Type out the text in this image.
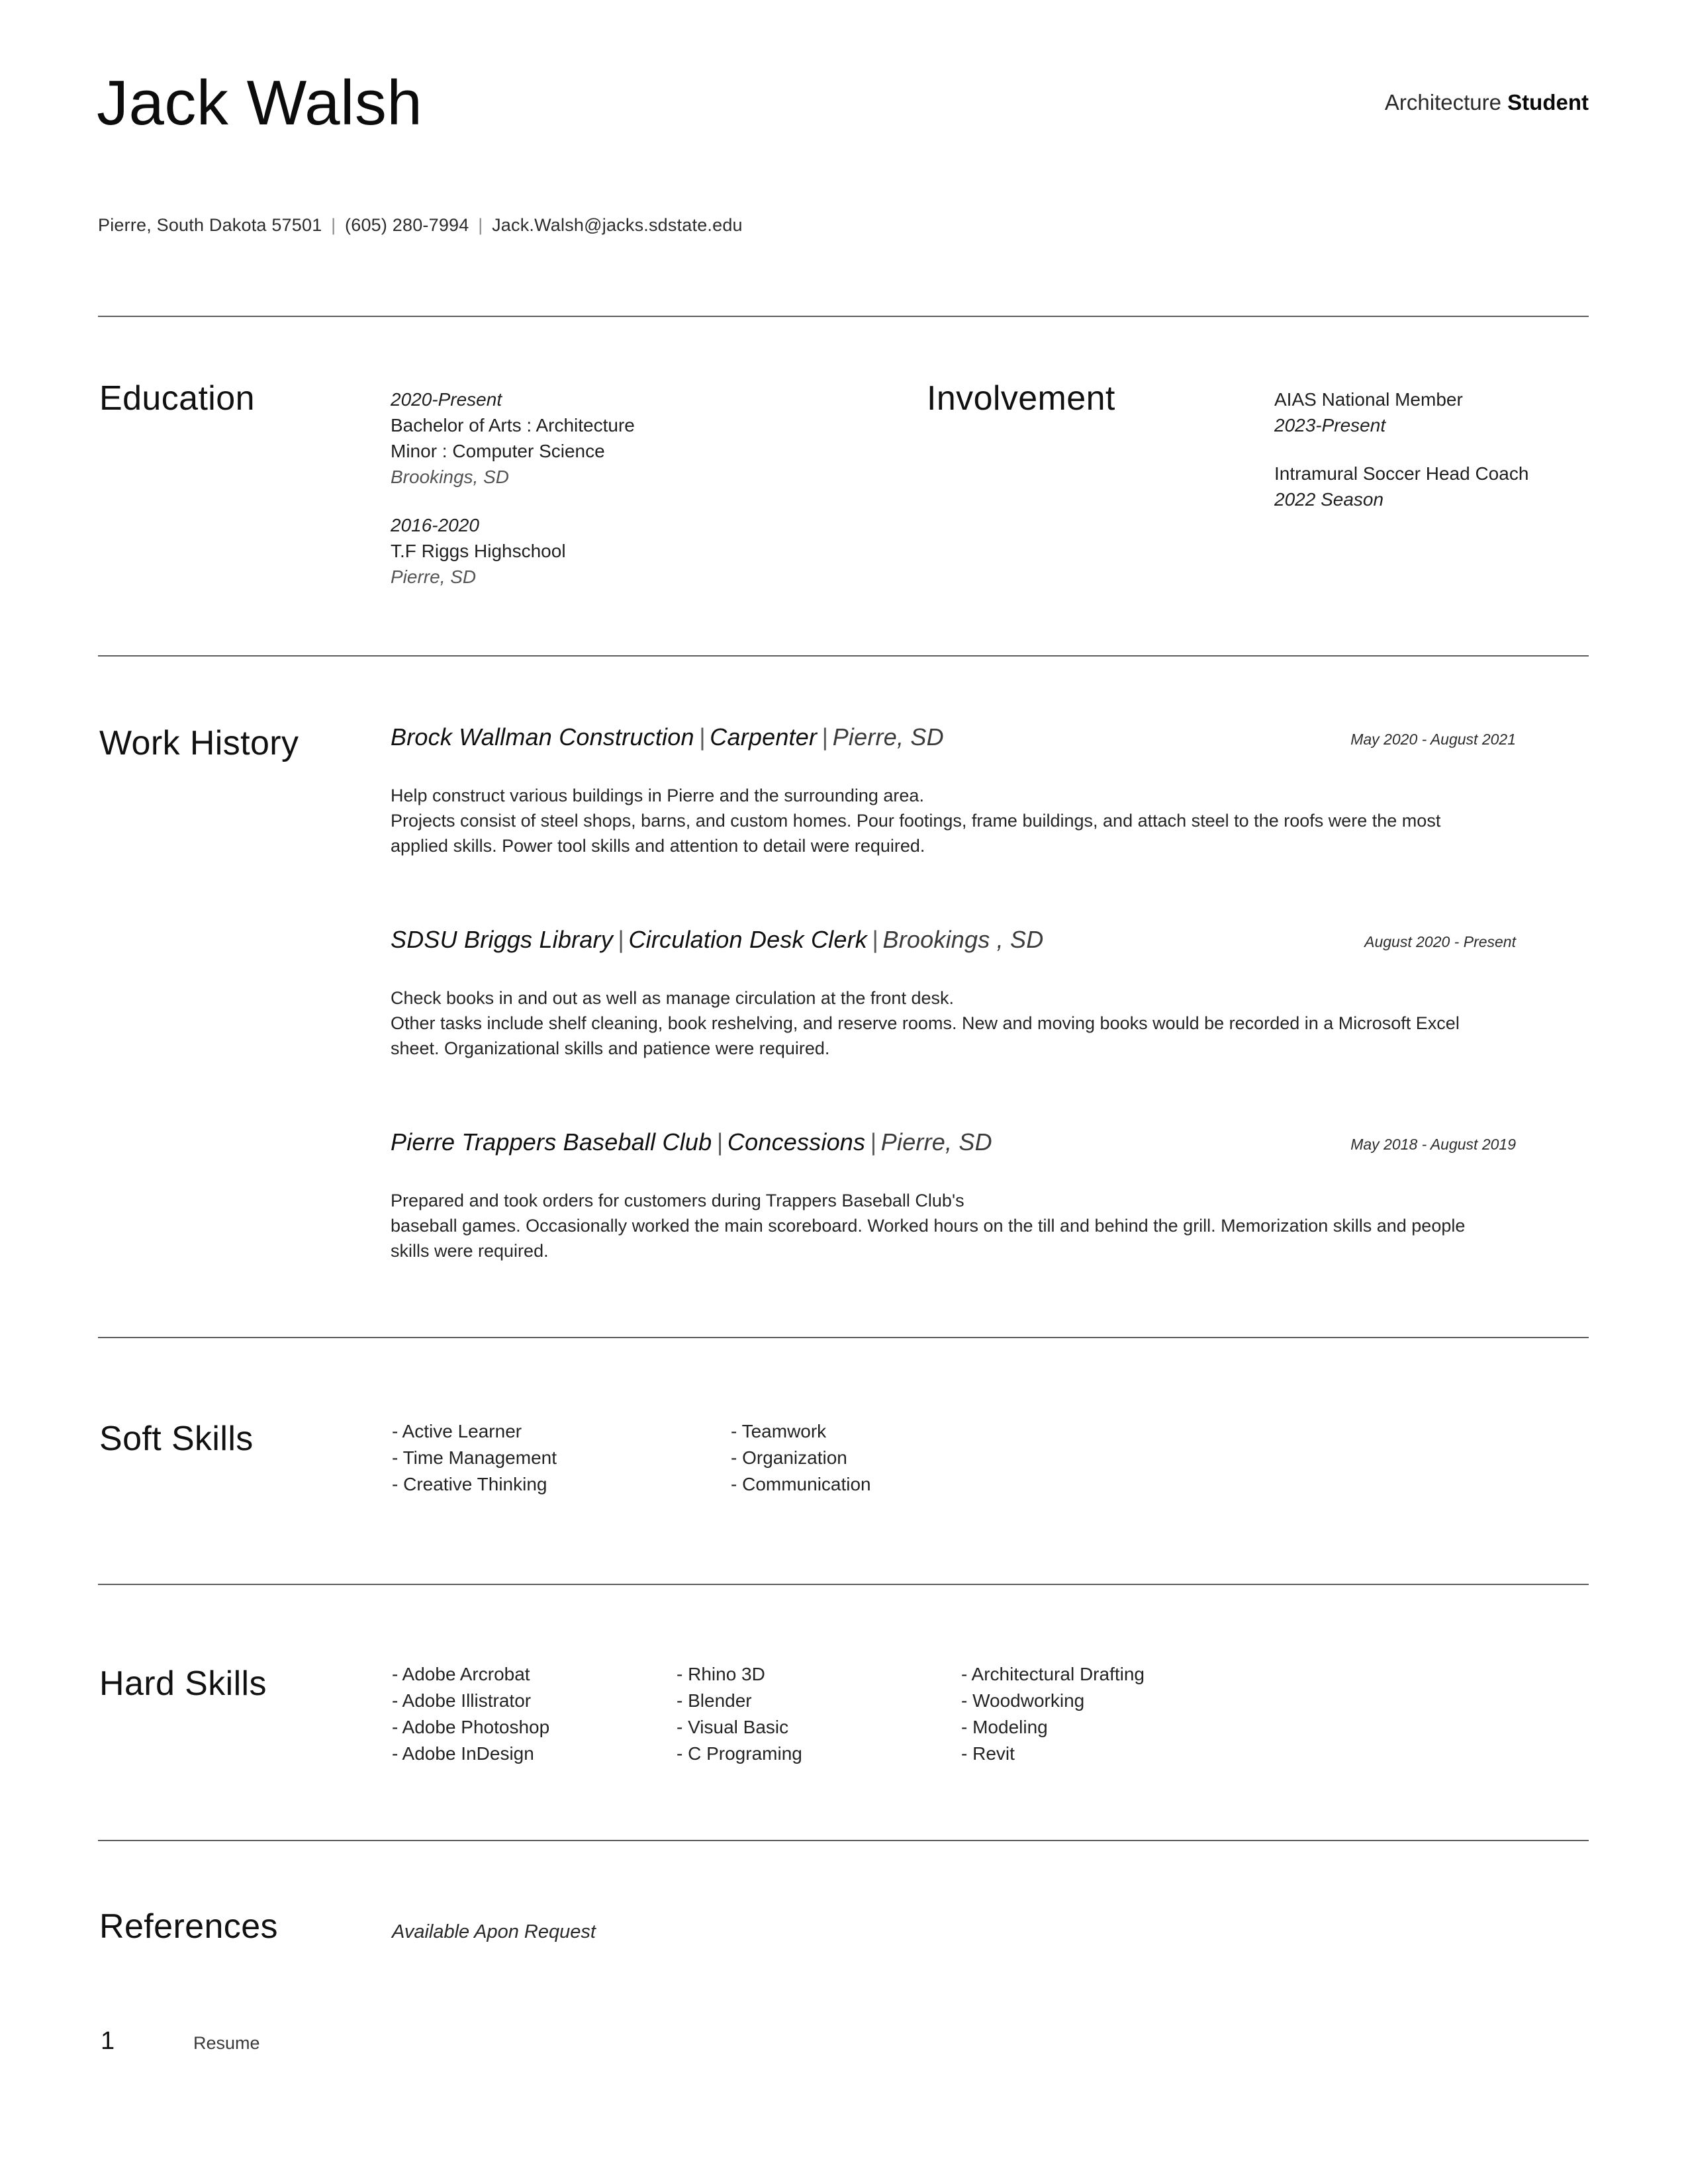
Jack Walsh	Architecture Student
Pierre, South Dakota 57501 | (605) 280-7994 | Jack.Walsh@jacks.sdstate.edu
Education	2020-Present
Bachelor of Arts : Architecture
Minor : Computer Science
Brookings, SD
2016-2020
T.F Riggs Highschool
Pierre, SD
Involvement	AIAS National Member
2023-Present
Intramural Soccer Head Coach
2022 Season
Work History	Brock Wallman Construction | Carpenter | Pierre, SD	May 2020 - August 2021
Help construct various buildings in Pierre and the surrounding area.
Projects consist of steel shops, barns, and custom homes. Pour footings, frame buildings, and attach steel to the roofs were the most applied skills. Power tool skills and attention to detail were required.
SDSU Briggs Library | Circulation Desk Clerk | Brookings , SD	August 2020 - Present
Check books in and out as well as manage circulation at the front desk.
Other tasks include shelf cleaning, book reshelving, and reserve rooms. New and moving books would be recorded in a Microsoft Excel sheet. Organizational skills and patience were required.
Pierre Trappers Baseball Club | Concessions | Pierre, SD	May 2018 - August 2019
Prepared and took orders for customers during Trappers Baseball Club's
baseball games. Occasionally worked the main scoreboard. Worked hours on the till and behind the grill. Memorization skills and people skills were required.
Soft Skills	- Active Learner
- Time Management
- Creative Thinking
- Teamwork
- Organization
- Communication
Hard Skills	- Adobe Arcrobat
- Adobe Illistrator
- Adobe Photoshop
- Adobe InDesign
- Rhino 3D
- Blender
- Visual Basic
- C Programing
- Architectural Drafting
- Woodworking
- Modeling
- Revit
References	Available Apon Request
1	Resume
